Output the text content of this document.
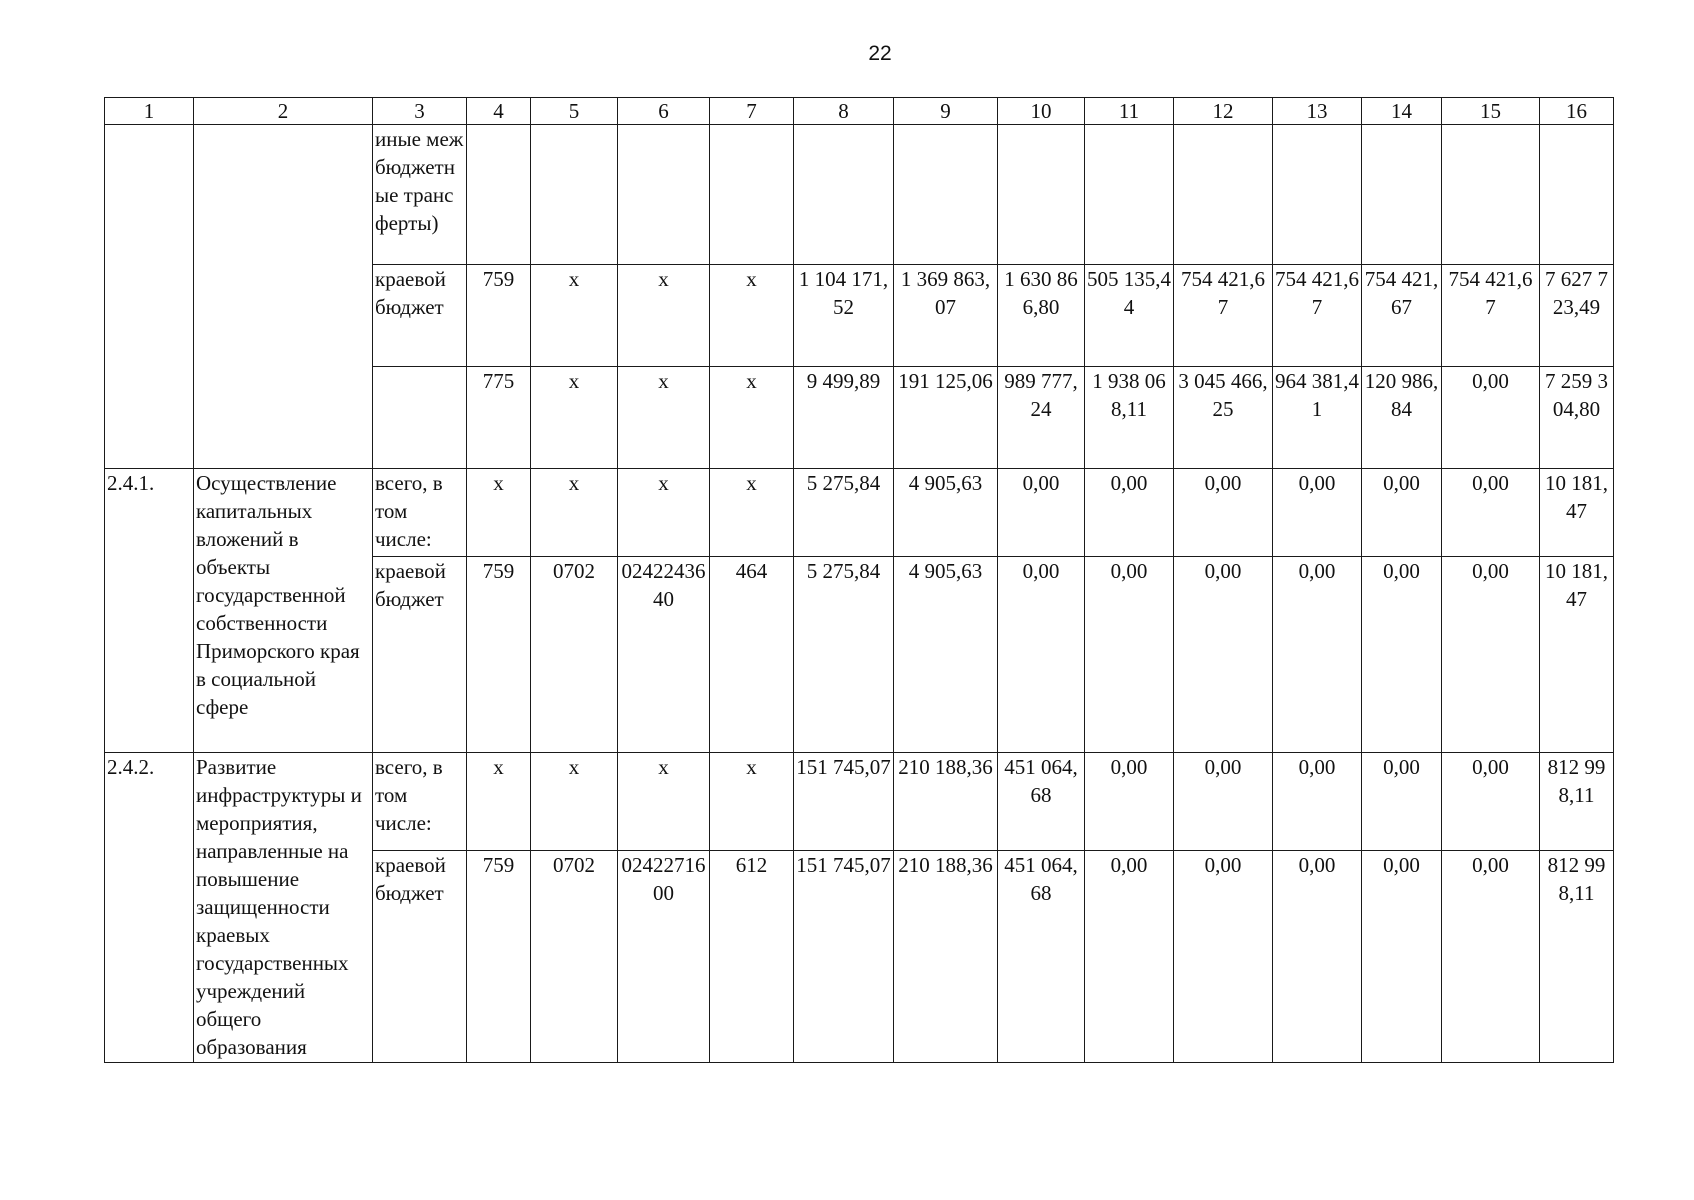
22
1	2	3	4	5	6	7	8	9	10	11	12	13	14	15	16
		иные межбюджетные трансферты)													
		краевой бюджет	759	х	х	х	1 104 171,52	1 369 863,07	1 630 866,80	505 135,44	754 421,67	754 421,67	754 421,67	754 421,67	7 627 723,49
			775	х	х	х	9 499,89	191 125,06	989 777,24	1 938 068,11	3 045 466,25	964 381,41	120 986,84	0,00	7 259 304,80
2.4.1.	Осуществление капитальных вложений в объекты государственной собственности Приморского края в социальной сфере	всего, в том числе:	х	х	х	х	5 275,84	4 905,63	0,00	0,00	0,00	0,00	0,00	0,00	10 181,47
		краевой бюджет	759	0702	0242243640	464	5 275,84	4 905,63	0,00	0,00	0,00	0,00	0,00	0,00	10 181,47
2.4.2.	Развитие инфраструктуры и мероприятия, направленные на повышение защищенности краевых государственных учреждений общего образования	всего, в том числе:	х	х	х	х	151 745,07	210 188,36	451 064,68	0,00	0,00	0,00	0,00	0,00	812 998,11
		краевой бюджет	759	0702	0242271600	612	151 745,07	210 188,36	451 064,68	0,00	0,00	0,00	0,00	0,00	812 998,11
